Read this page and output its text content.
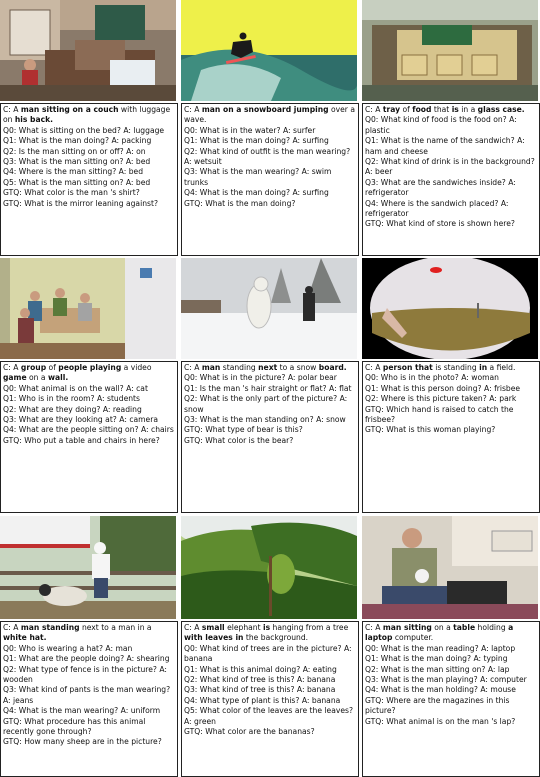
C: A man sitting on a couch with luggage on his back.
Q0: What is sitting on the bed? A: luggage
Q1: What is the man doing? A: packing
Q2: Is the man sitting on or off? A: on
Q3: What is the man sitting on? A: bed
Q4: Where is the man sitting? A: bed
Q5: What is the man sitting on? A: bed
GTQ: What color is the man 's shirt?
GTQ: What is the mirror leaning against?
C: A man on a snowboard jumping over a wave.
Q0: What is in the water? A: surfer
Q1: What is the man doing? A: surfing
Q2: What kind of outfit is the man wearing? A: wetsuit
Q3: What is the man wearing? A: swim trunks
Q4: What is the man doing? A: surfing
GTQ: What is the man doing?
C: A tray of food that is in a glass case.
Q0: What kind of food is the food on? A: plastic
Q1: What is the name of the sandwich? A: ham and cheese
Q2: What kind of drink is in the background? A: beer
Q3: What are the sandwiches inside? A: refrigerator
Q4: Where is the sandwich placed? A: refrigerator
GTQ: What kind of store is shown here?
C: A group of people playing a video game on a wall.
Q0: What animal is on the wall? A: cat
Q1: Who is in the room? A: students
Q2: What are they doing? A: reading
Q3: What are they looking at? A: camera
Q4: What are the people sitting on? A: chairs
GTQ: Who put a table and chairs in here?
C: A man standing next to a snow board.
Q0: What is in the picture? A: polar bear
Q1: Is the man 's hair straight or flat? A: flat
Q2: What is the only part of the picture? A: snow
Q3: What is the man standing on? A: snow
GTQ: What type of bear is this?
GTQ: What color is the bear?
C: A person that is standing in a field.
Q0: Who is in the photo? A: woman
Q1: What is this person doing? A: frisbee
Q2: Where is this picture taken? A: park
GTQ: Which hand is raised to catch the frisbee?
GTQ: What is this woman playing?
C: A man standing next to a man in a white hat.
Q0: Who is wearing a hat? A: man
Q1: What are the people doing? A: shearing
Q2: What type of fence is in the picture? A: wooden
Q3: What kind of pants is the man wearing? A: jeans
Q4: What is the man wearing? A: uniform
GTQ: What procedure has this animal recently gone through?
GTQ: How many sheep are in the picture?
C: A small elephant is hanging from a tree with leaves in the background.
Q0: What kind of trees are in the picture? A: banana
Q1: What is this animal doing? A: eating
Q2: What kind of tree is this? A: banana
Q3: What kind of tree is this? A: banana
Q4: What type of plant is this? A: banana
Q5: What color of the leaves are the leaves? A: green
GTQ: What color are the bananas?
C: A man sitting on a table holding a laptop computer.
Q0: What is the man reading? A: laptop
Q1: What is the man doing? A: typing
Q2: What is the man sitting on? A: lap
Q3: What is the man playing? A: computer
Q4: What is the man holding? A: mouse
GTQ: Where are the magazines in this picture?
GTQ: What animal is on the man 's lap?
